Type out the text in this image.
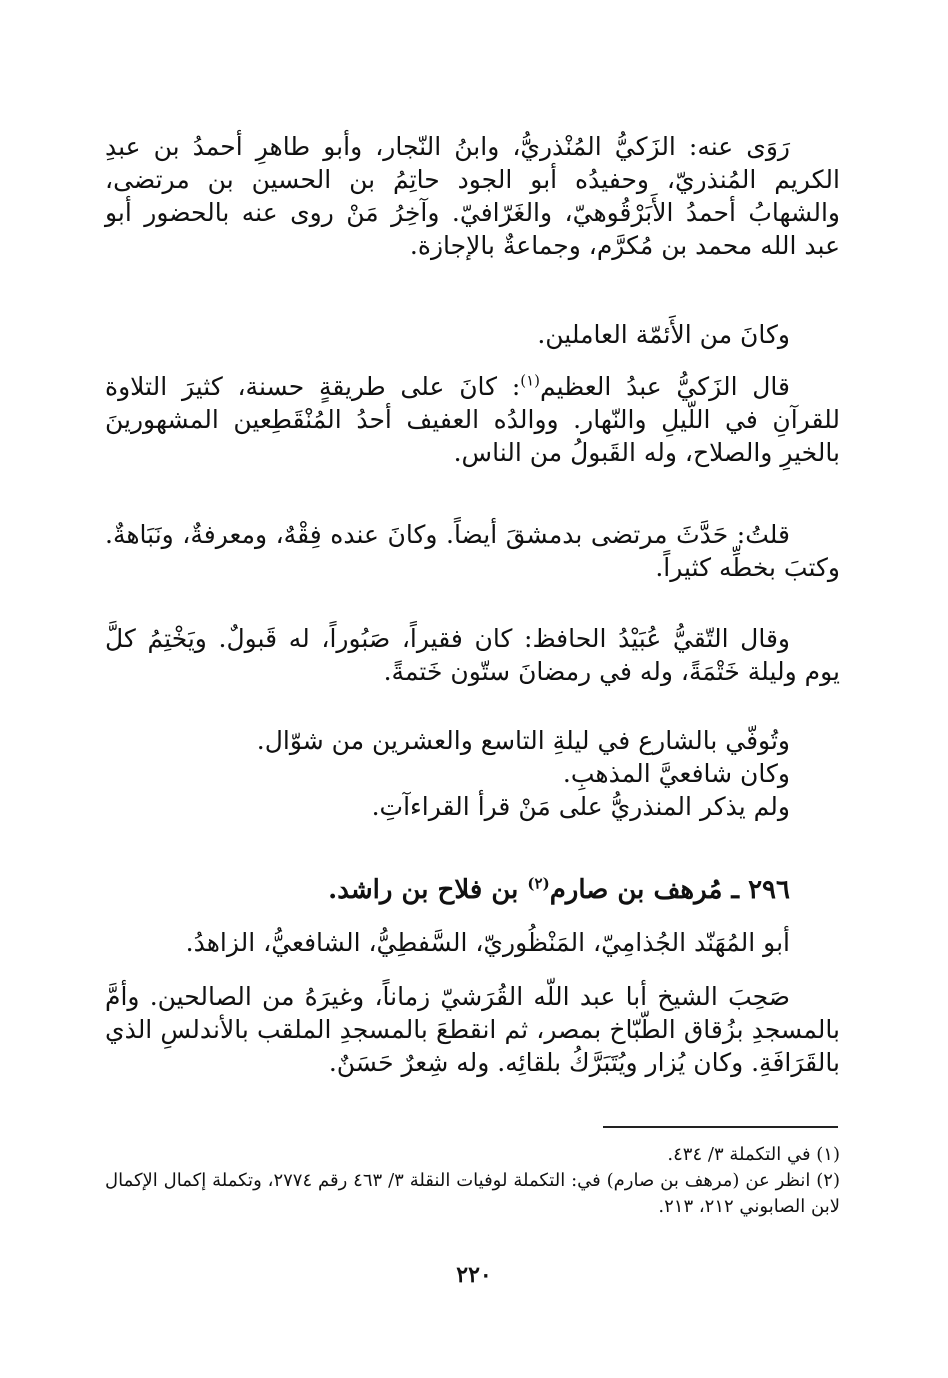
رَوَى عنه: الزَكيُّ المُنْذريُّ، وابنُ النّجار، وأبو طاهرِ أحمدُ بن عبدِ الكريم المُنذريّ، وحفيدُه أبو الجود حاتِمُ بن الحسين بن مرتضى، والشهابُ أحمدُ الأَبَرْقُوهيّ، والغَرّافيّ. وآخِرُ مَنْ روى عنه بالحضور أبو عبد الله محمد بن مُكرَّم، وجماعةٌ بالإجازة.

وكانَ من الأَئمّة العاملين.

قال الزَكيُّ عبدُ العظيم$^{(١)}$: كانَ على طريقةٍ حسنة، كثيرَ التلاوة للقرآنِ في اللّيلِ والنّهار. ووالدُه العفيف أحدُ المُنْقَطِعين المشهورينَ بالخيرِ والصلاح، وله القَبولُ من الناس.

قلتُ: حَدَّثَ مرتضى بدمشقَ أيضاً. وكانَ عنده فِقْهٌ، ومعرفةٌ، ونَبَاهةٌ. وكتبَ بخطِّه كثيراً.

وقال التّقيُّ عُبَيْدُ الحافظ: كان فقيراً، صَبُوراً، له قَبولٌ. ويَخْتِمُ كلَّ يوم وليلة خَتْمَةً، وله في رمضانَ ستّون خَتمةً.

وتُوفّي بالشارع في ليلةِ التاسع والعشرين من شوّال.

وكان شافعيَّ المذهبِ.

ولم يذكر المنذريُّ على مَنْ قرأ القراءآتِ.

٢٩٦ ـ مُرهف بن صارم$^{(٢)}$ بن فلاح بن راشد.

أبو المُهَنّد الجُذامِيّ، المَنْظُوريّ، السَّفطِيُّ، الشافعيُّ، الزاهدُ.

صَحِبَ الشيخ أبا عبد اللّه القُرَشيّ زماناً، وغيرَهُ من الصالحين. وأمَّ بالمسجدِ بزُقاق الطّبّاخ بمصر، ثم انقطعَ بالمسجدِ الملقب بالأندلسِ الذي بالقَرَافَةِ. وكان يُزار ويُتَبَرَّكُ بلقائِه. وله شِعرٌ حَسَنٌ.

(١) في التكملة ٣/ ٤٣٤.

(٢) انظر عن (مرهف بن صارم) في: التكملة لوفيات النقلة ٣/ ٤٦٣ رقم ٢٧٧٤، وتكملة إكمال الإكمال لابن الصابوني ٢١٢، ٢١٣.

٢٢٠
